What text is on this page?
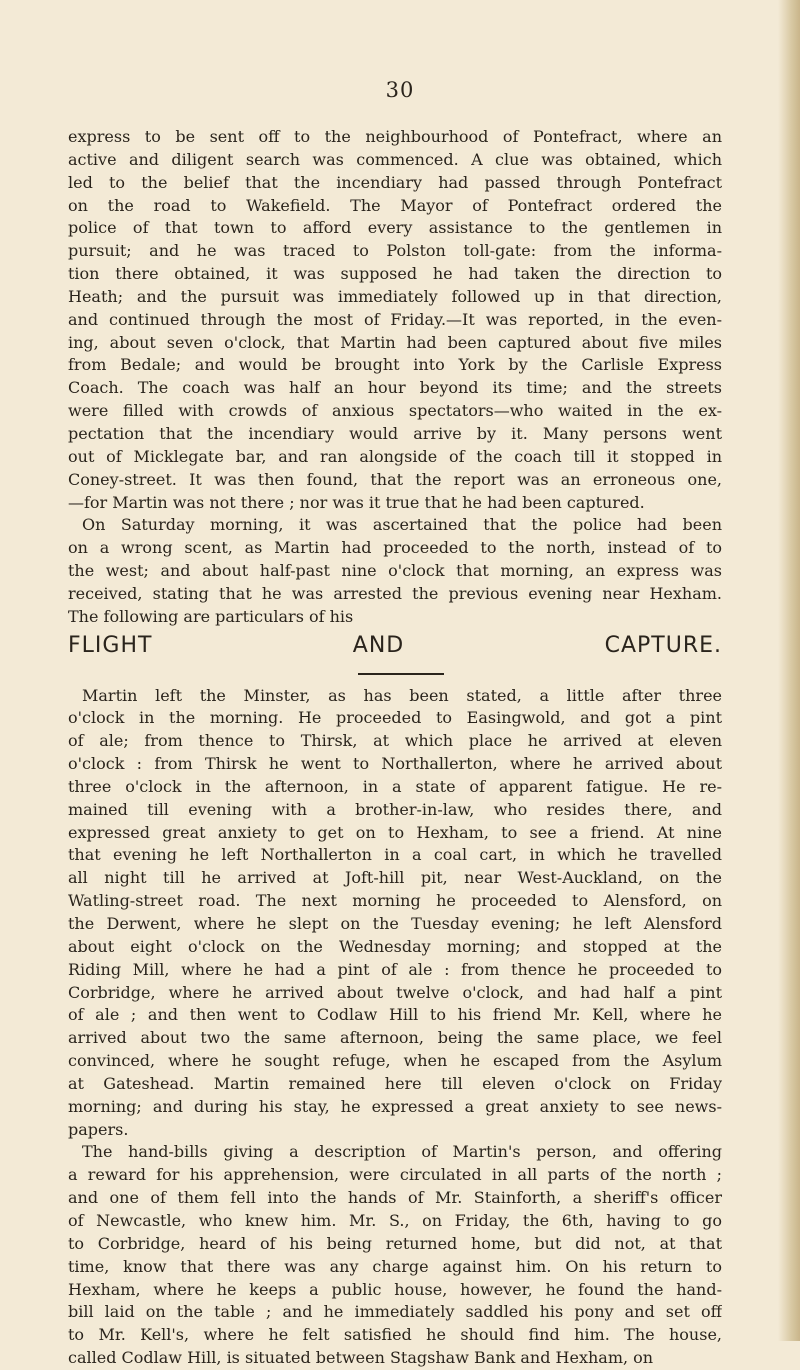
30
express to be sent off to the neighbourhood of Pontefract, where an
active and diligent search was commenced. A clue was obtained, which
led to the belief that the incendiary had passed through Pontefract
on the road to Wakefield. The Mayor of Pontefract ordered the
police of that town to afford every assistance to the gentlemen in
pursuit; and he was traced to Polston toll-gate: from the informa-
tion there obtained, it was supposed he had taken the direction to
Heath; and the pursuit was immediately followed up in that direction,
and continued through the most of Friday.—It was reported, in the even-
ing, about seven o'clock, that Martin had been captured about five miles
from Bedale; and would be brought into York by the Carlisle Express
Coach. The coach was half an hour beyond its time; and the streets
were filled with crowds of anxious spectators—who waited in the ex-
pectation that the incendiary would arrive by it. Many persons went
out of Micklegate bar, and ran alongside of the coach till it stopped in
Coney-street. It was then found, that the report was an erroneous one,
—for Martin was not there ; nor was it true that he had been captured.
On Saturday morning, it was ascertained that the police had been
on a wrong scent, as Martin had proceeded to the north, instead of to
the west; and about half-past nine o'clock that morning, an express was
received, stating that he was arrested the previous evening near Hexham.
The following are particulars of his
FLIGHT AND CAPTURE.
Martin left the Minster, as has been stated, a little after three
o'clock in the morning. He proceeded to Easingwold, and got a pint
of ale; from thence to Thirsk, at which place he arrived at eleven
o'clock : from Thirsk he went to Northallerton, where he arrived about
three o'clock in the afternoon, in a state of apparent fatigue. He re-
mained till evening with a brother-in-law, who resides there, and
expressed great anxiety to get on to Hexham, to see a friend. At nine
that evening he left Northallerton in a coal cart, in which he travelled
all night till he arrived at Joft-hill pit, near West-Auckland, on the
Watling-street road. The next morning he proceeded to Alensford, on
the Derwent, where he slept on the Tuesday evening; he left Alensford
about eight o'clock on the Wednesday morning; and stopped at the
Riding Mill, where he had a pint of ale : from thence he proceeded to
Corbridge, where he arrived about twelve o'clock, and had half a pint
of ale ; and then went to Codlaw Hill to his friend Mr. Kell, where he
arrived about two the same afternoon, being the same place, we feel
convinced, where he sought refuge, when he escaped from the Asylum
at Gateshead. Martin remained here till eleven o'clock on Friday
morning; and during his stay, he expressed a great anxiety to see news-
papers.
The hand-bills giving a description of Martin's person, and offering
a reward for his apprehension, were circulated in all parts of the north ;
and one of them fell into the hands of Mr. Stainforth, a sheriff's officer
of Newcastle, who knew him. Mr. S., on Friday, the 6th, having to go
to Corbridge, heard of his being returned home, but did not, at that
time, know that there was any charge against him. On his return to
Hexham, where he keeps a public house, however, he found the hand-
bill laid on the table ; and he immediately saddled his pony and set off
to Mr. Kell's, where he felt satisfied he should find him. The house,
called Codlaw Hill, is situated between Stagshaw Bank and Hexham, on
